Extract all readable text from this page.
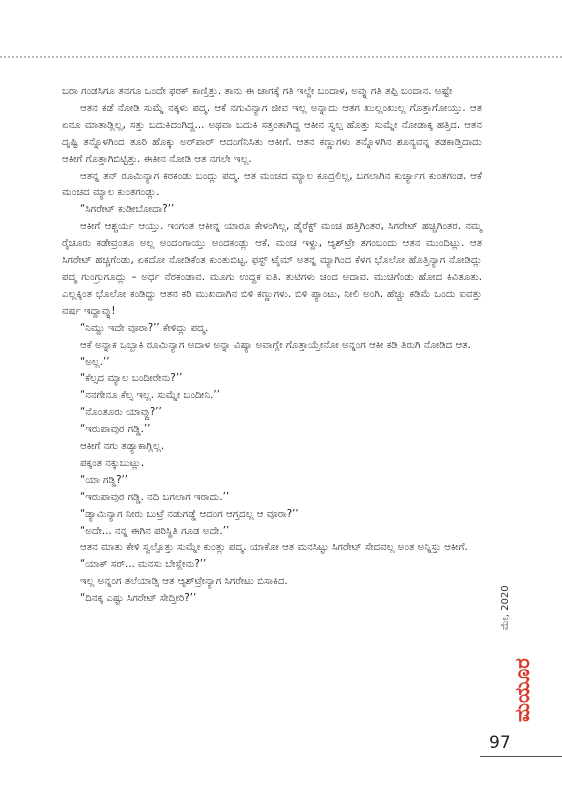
ಬರಾ ಗಂಡಸಿಗೂ ತನಗೂ ಒಂದೇ ಫರಕ್ ಕಾಣ್ತಿತ್ತು. ತಾನು ಈ ಜಾಗಕ್ಕೆ ಗತಿ ಇಲ್ದೇ ಬಂದಾಳ, ಅವ್ನು ಗತಿ ತಪ್ಪಿ ಬಂದಾನ. ಅಷ್ಟೇ

ಆತನ ಕಡೆ ನೋಡಿ ಸುಮ್ನೆ ನಕ್ಕಳು ಪದ್ಮ. ಆಕೆ ನಗುವಿನ್ಯಾಗ ಜೀವ ಇಲ್ಲ ಅನ್ನಾದು ಆತಗ ಖುಲ್ಲಂಖುಲ್ಲ ಗೊತ್ತಾಗೋಯ್ತು. ಆತ ಏನೂ ಮಾತಾಡ್ಲಿಲ್ಲ, ಸತ್ತು ಬದುಕಿದಂಗಿದ್ದ... ಅಥವಾ ಬದುಕಿ ಸತ್ತಂತಾಗಿದ್ದ ಆಕೀನ ಸ್ವಲ್ಪ ಹೊತ್ತು ಸುಮ್ನೇ ನೋಡಾಕ್ಕ ಹತ್ತಿದ. ಆತನ ದೃಷ್ಟಿ ತನ್ನೊಳಗಿಂದ ತೂರಿ ಹೊಕ್ಕು ಅರ್‌ಪಾರ್ ಆದಂಗೆನಿಸಿತು ಆಕೀಗೆ. ಆತನ ಕಣ್ಣುಗಳು ತನ್ನೊಳಗಿನ ಶೂನ್ಯವನ್ನ ತಡಕಾಡ್ತಿದಾದು ಆಕೀಗೆ ಗೊತ್ತಾಗಿಬಿಟ್ಟಿತ್ತು. ಈಕೀನ ನೋಡಿ ಆತ ನಗಲೇ ಇಲ್ಲ.

ಆತನ್ನ ತನ್ ರೂಮಿನ್ಯಾಗ ಕರಕಂಡು ಬಂದ್ಲು ಪದ್ಮ. ಆತ ಮಂಚದ ಮ್ಯಾಲ ಕೂದ್ರಲಿಲ್ಲ, ಬಗಲಾಗಿನ ಕುರ್ಚ್ಯಾಗ ಕುಂತಗಂಡ. ಆಕೆ ಮಂಚದ ಮ್ಯಾಲ ಕುಂತಗಂಡ್ಲು.

“ಸಿಗರೇಟ್ ಕುಡೀಬೋದಾ?’’

ಆಕೀಗೆ ಆಶ್ಚರ್ಯ ಆಯ್ತು. ಇಂಗಂತ ಆಕೀನ್ನ ಯಾರೂ ಕೇಳಂಗಿಲ್ಲ, ಡೈರೆಕ್ಟ್ ಮಂಚ ಹತ್ತಿಗಿಂತರ, ಸಿಗರೇಟ್ ಹಚ್ಚಿಗಿಂತರ. ನಮ್ಮ ರೈಚೂರು ಕಡೇವ್ರಂತೂ ಅಲ್ಲ ಅಂದಂಗಾಯ್ತು ಅಂದಕಂಡ್ಲು ಆಕೆ. ಮಂಚ ಇಳ್ದು, ಆ್ಯಶ್‌ಟ್ರೇ ತಗಂಬಂದು ಆತನ ಮುಂದಿಟ್ಲು. ಆತ ಸಿಗರೇಟ್ ಹಚ್ಚಿಗೆಂಡು, ಏಕದೋ ನೋಡಿಕೆಂತ ಕುಂತುಬಿಟ್ಟ. ಫಸ್ಟ್ ಟೈಮ್ ಅತನ್ನ ಮ್ಯಾಗಿಂದ ಕೆಳಗ ಭೊಲೋ ಹೊತ್ತಿನ್ಯಾಗ ನೋಡಿದ್ಲು ಪದ್ಮ ಗುಂಗ್ರುಗೂದ್ಲು – ಅರ್ಧ ನೆರಕಂಡಾವ. ಮೂಗು ಉದ್ದಕ ಐತಿ. ತುಟಿಗಳು ಚಂದ ಅದಾವ. ಮುಚಿಗೆಂಡು ಹೋದ ಕಿವಿತೂತು. ಎಲ್ಲಕ್ಕಿಂತ ಭೊಲೋ ಕಂಡಿದ್ದು ಆತನ ಕರಿ ಮುಖದಾಗಿನ ಬಿಳಿ ಕಣ್ಣುಗಳು. ಬಿಳಿ ಪ್ಯಾಂಟು, ನೀಲಿ ಅಂಗಿ. ಹೆಚ್ಚು ಕಡಿಮೆ ಒಂದು ಐವತ್ತು ವರ್ಷ ಇದ್ದಾವ್ನು!

“ನಿಮ್ದು ಇದೇ ವೂರಾ?’’ ಕೇಳಿದ್ಲು ಪದ್ಮ.

ಆಕೆ ಅನ್ನಾಕ ಒಬ್ಬಾಕಿ ರೂಮಿನ್ಯಾಗ ಅದಾಳ ಅನ್ನಾ ವಿಷ್ಯಾ ಅವಾಗ್ಲೇ ಗೊತ್ತಾಯ್ತೇನೋ ಅನ್ನಂಗ ಆಕೀ ಕಡಿ ತಿರುಗಿ ನೋಡಿದ ಆತ.

“ಅಲ್ಲ.’’

“ಕೆಲ್ಸದ ಮ್ಯಾಲ ಬಂದೀರೇನು?’’

“ನನಗೇನೂ ಕೆಲ್ಸ ಇಲ್ಲ. ಸುಮ್ನೇ ಬಂದೀನಿ.’’

“ನೊಂತೂರು ಯಾವ್ದು?’’

“ಇರುಪಾವುರ ಗಡ್ಡಿ.’’

ಆಕೀಗೆ ನಗು ತಡ್ಯಾಕಾಗ್ಲಿಲ್ಲ.

ಪಕ್ಕಂತ ನಕ್ಕುಬುಟ್ಲು.

“ಯಾ ಗಡ್ಡಿ?’’

“ಇರುಪಾವುರ ಗಡ್ಡಿ. ನದಿ ಬಗಲಾಗ ಇರಾದು.’’

“ಡ್ಯಾಮಿನ್ಯಾಗ ನೀರು ಬುಟ್ರೆ ನಡುಗಡ್ಡೆ ಆದಂಗ ಆಗ್ತದಲ್ಲ ಆ ವೂರಾ?’’

“ಅದೇ... ನನ್ನ ಈಗಿನ ಪರಿಸ್ಥಿತಿ ಗೂಡ ಅದೇ.’’

ಆತನ ಮಾತು ಕೇಳಿ ಸ್ವಲ್ಪೊತ್ತು ಸುಮ್ನೇ ಕುಂತ್ಲು ಪದ್ಮ. ಯಾಕೋ ಆತ ಮನಸಿಟ್ಟು ಸಿಗರೇಟ್ ಸೇದವಲ್ಲ ಅಂತ ಅನ್ನಿಸ್ತು ಆಕೀಗೆ.

“ಯಾಕ್ ಸರ್... ಮನಸು ಬೇಸ್ಲೇನು?’’

ಇಲ್ಲ ಅನ್ನಂಗ ತಲೆಯಾಡ್ಸಿ ಆತ ಆ್ಯಶ್‌ಟ್ರೇನ್ಯಾಗ ಸಿಗರೇಟು ಬಿಸಾಕಿದ.

“ದಿನಕ್ಕ ಎಷ್ಟು ಸಿಗರೇಟ್ ಸೇದ್ತೀರಿ?’’	ಮೇ, 2020
ಮಯೂರ
97
